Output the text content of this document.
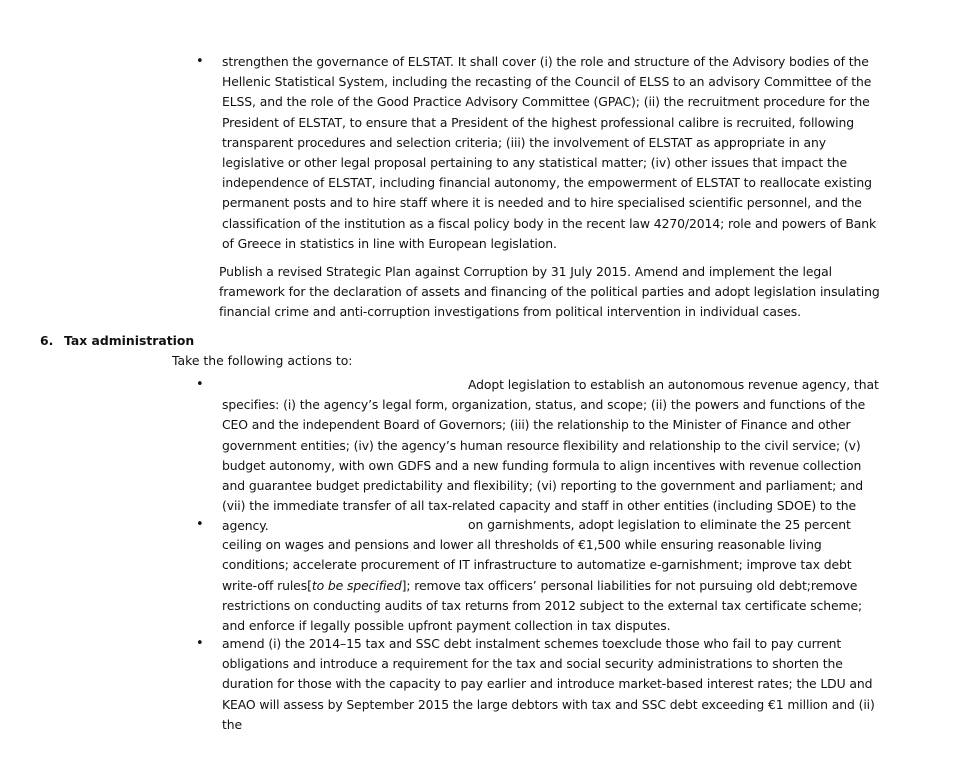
• strengthen the governance of ELSTAT. It shall cover (i) the role and structure of the Advisory bodies of the Hellenic Statistical System, including the recasting of the Council of ELSS to an advisory Committee of the ELSS, and the role of the Good Practice Advisory Committee (GPAC); (ii) the recruitment procedure for the President of ELSTAT, to ensure that a President of the highest professional calibre is recruited, following transparent procedures and selection criteria; (iii) the involvement of ELSTAT as appropriate in any legislative or other legal proposal pertaining to any statistical matter; (iv) other issues that impact the independence of ELSTAT, including financial autonomy, the empowerment of ELSTAT to reallocate existing permanent posts and to hire staff where it is needed and to hire specialised scientific personnel, and the classification of the institution as a fiscal policy body in the recent law 4270/2014; role and powers of Bank of Greece in statistics in line with European legislation.
Publish a revised Strategic Plan against Corruption by 31 July 2015. Amend and implement the legal framework for the declaration of assets and financing of the political parties and adopt legislation insulating financial crime and anti-corruption investigations from political intervention in individual cases.
6. Tax administration
Take the following actions to:
•	Adopt legislation to establish an autonomous revenue agency, that specifies: (i) the agency’s legal form, organization, status, and scope; (ii) the powers and functions of the CEO and the independent Board of Governors; (iii) the relationship to the Minister of Finance and other government entities; (iv) the agency’s human resource flexibility and relationship to the civil service; (v) budget autonomy, with own GDFS and a new funding formula to align incentives with revenue collection and guarantee budget predictability and flexibility; (vi) reporting to the government and parliament; and (vii) the immediate transfer of all tax-related capacity and staff in other entities (including SDOE) to the agency.
•	on garnishments, adopt legislation to eliminate the 25 percent ceiling on wages and pensions and lower all thresholds of €1,500 while ensuring reasonable living conditions; accelerate procurement of IT infrastructure to automatize e-garnishment; improve tax debt write-off rules[to be specified]; remove tax officers’ personal liabilities for not pursuing old debt;remove restrictions on conducting audits of tax returns from 2012 subject to the external tax certificate scheme; and enforce if legally possible upfront payment collection in tax disputes.
• amend (i) the 2014–15 tax and SSC debt instalment schemes toexclude those who fail to pay current obligations and introduce a requirement for the tax and social security administrations to shorten the duration for those with the capacity to pay earlier and introduce market-based interest rates; the LDU and KEAO will assess by September 2015 the large debtors with tax and SSC debt exceeding €1 million and (ii) the
